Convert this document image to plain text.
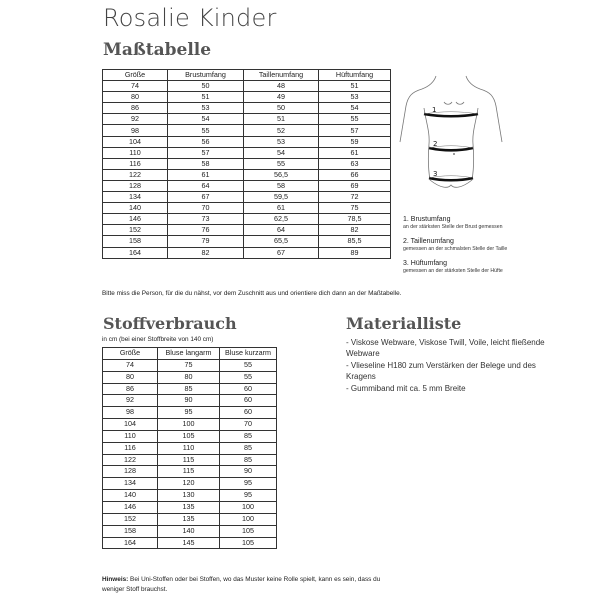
Rosalie Kinder
Maßtabelle
Größe	Brustumfang	Taillenumfang	Hüftumfang
74	50	48	51
80	51	49	53
86	53	50	54
92	54	51	55
98	55	52	57
104	56	53	59
110	57	54	61
116	58	55	63
122	61	56,5	66
128	64	58	69
134	67	59,5	72
140	70	61	75
146	73	62,5	78,5
152	76	64	82
158	79	65,5	85,5
164	82	67	89
1
2
3
1. Brustumfang
an der stärksten Stelle der Brust gemessen
2. Taillenumfang
gemessen an der schmalsten Stelle der Taille
3. Hüftumfang
gemessen an der stärksten Stelle der Hüfte
Bitte miss die Person, für die du nähst, vor dem Zuschnitt aus und orientiere dich dann an der Maßtabelle.
Stoffverbrauch
in cm (bei einer Stoffbreite von 140 cm)
Größe	Bluse langarm	Bluse kurzarm
74	75	55
80	80	55
86	85	60
92	90	60
98	95	60
104	100	70
110	105	85
116	110	85
122	115	85
128	115	90
134	120	95
140	130	95
146	135	100
152	135	100
158	140	105
164	145	105
Materialliste
- Viskose Webware, Viskose Twill, Voile, leicht fließende Webware
- Vlieseline H180 zum Verstärken der Belege und des Kragens
- Gummiband mit ca. 5 mm Breite
Hinweis: Bei Uni-Stoffen oder bei Stoffen, wo das Muster keine Rolle spielt, kann es sein, dass du weniger Stoff brauchst.
